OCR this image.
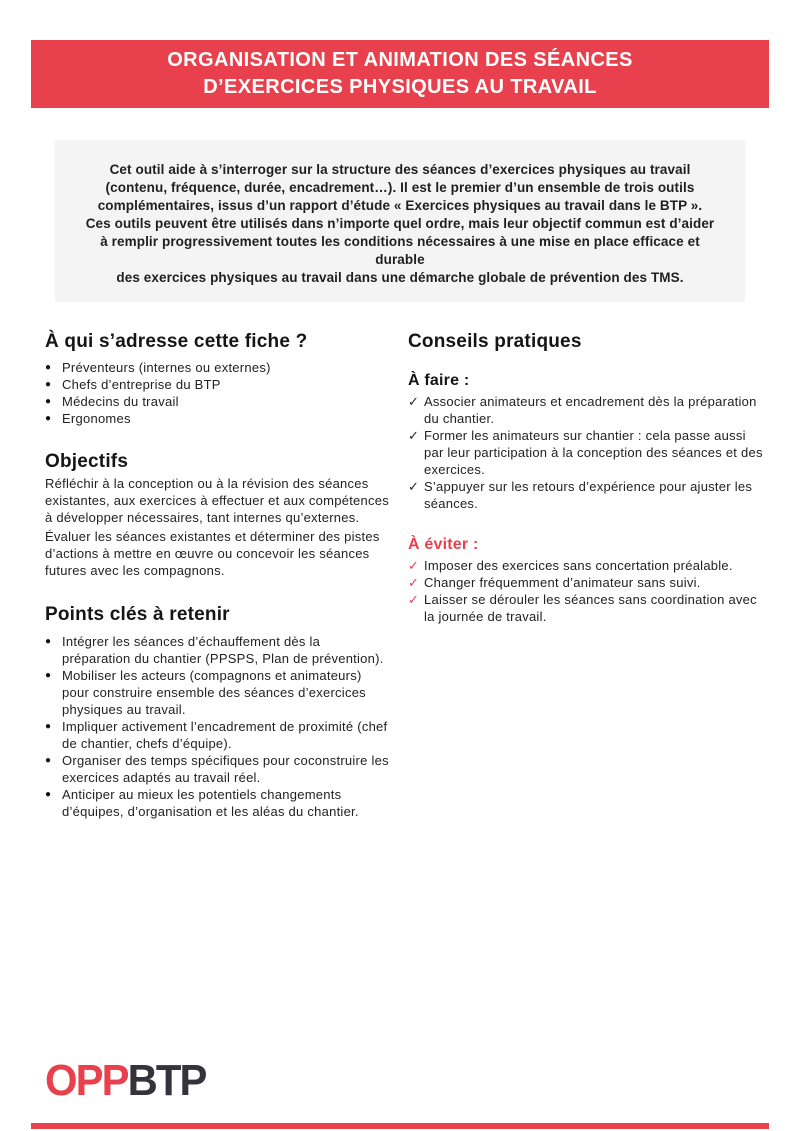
ORGANISATION ET ANIMATION DES SÉANCES
D’EXERCICES PHYSIQUES AU TRAVAIL
Cet outil aide à s’interroger sur la structure des séances d’exercices physiques au travail
(contenu, fréquence, durée, encadrement…). Il est le premier d’un ensemble de trois outils
complémentaires, issus d’un rapport d’étude « Exercices physiques au travail dans le BTP ».
Ces outils peuvent être utilisés dans n’importe quel ordre, mais leur objectif commun est d’aider
à remplir progressivement toutes les conditions nécessaires à une mise en place efficace et durable
des exercices physiques au travail dans une démarche globale de prévention des TMS.
À qui s’adresse cette fiche ?
● Préventeurs (internes ou externes)
● Chefs d’entreprise du BTP
● Médecins du travail
● Ergonomes
Objectifs

Réfléchir à la conception ou à la révision des séances existantes, aux exercices à effectuer et aux compétences à développer nécessaires, tant internes qu’externes.

Évaluer les séances existantes et déterminer des pistes d’actions à mettre en œuvre ou concevoir les séances futures avec les compagnons.

Points clés à retenir
● Intégrer les séances d’échauffement dès la préparation du chantier (PPSPS, Plan de prévention).
● Mobiliser les acteurs (compagnons et animateurs) pour construire ensemble des séances d’exercices physiques au travail.
● Impliquer activement l’encadrement de proximité (chef de chantier, chefs d’équipe).
● Organiser des temps spécifiques pour coconstruire les exercices adaptés au travail réel.
● Anticiper au mieux les potentiels changements d’équipes, d’organisation et les aléas du chantier.
Conseils pratiques
À faire :
✓ Associer animateurs et encadrement dès la préparation du chantier.
✓ Former les animateurs sur chantier : cela passe aussi par leur participation à la conception des séances et des exercices.
✓ S’appuyer sur les retours d’expérience pour ajuster les séances.
À éviter :
✓ Imposer des exercices sans concertation préalable.
✓ Changer fréquemment d’animateur sans suivi.
✓ Laisser se dérouler les séances sans coordination avec la journée de travail.
OPPBTP
